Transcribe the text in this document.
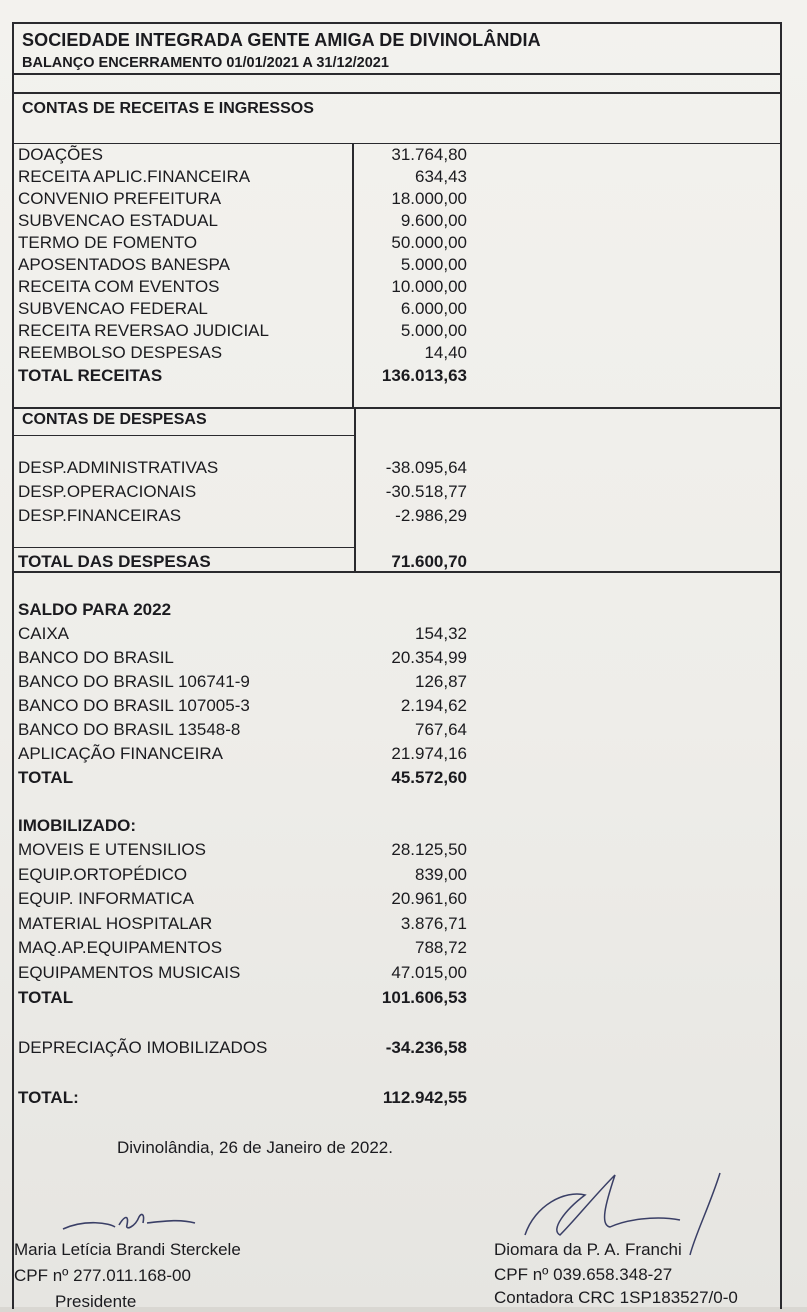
SOCIEDADE INTEGRADA GENTE AMIGA DE DIVINOLÂNDIA
BALANÇO ENCERRAMENTO 01/01/2021 A 31/12/2021
CONTAS DE RECEITAS E INGRESSOS
DOAÇÕES	31.764,80
RECEITA APLIC.FINANCEIRA	634,43
CONVENIO PREFEITURA	18.000,00
SUBVENCAO ESTADUAL	9.600,00
TERMO DE FOMENTO	50.000,00
APOSENTADOS BANESPA	5.000,00
RECEITA COM EVENTOS	10.000,00
SUBVENCAO FEDERAL	6.000,00
RECEITA REVERSAO JUDICIAL	5.000,00
REEMBOLSO DESPESAS	14,40
TOTAL RECEITAS	136.013,63
CONTAS DE DESPESAS
DESP.ADMINISTRATIVAS	-38.095,64
DESP.OPERACIONAIS	-30.518,77
DESP.FINANCEIRAS	-2.986,29
TOTAL DAS DESPESAS	71.600,70
SALDO PARA 2022
CAIXA	154,32
BANCO DO BRASIL	20.354,99
BANCO DO BRASIL 106741-9	126,87
BANCO DO BRASIL 107005-3	2.194,62
BANCO DO BRASIL 13548-8	767,64
APLICAÇÃO FINANCEIRA	21.974,16
TOTAL	45.572,60
IMOBILIZADO:
MOVEIS E UTENSILIOS	28.125,50
EQUIP.ORTOPÉDICO	839,00
EQUIP. INFORMATICA	20.961,60
MATERIAL HOSPITALAR	3.876,71
MAQ.AP.EQUIPAMENTOS	788,72
EQUIPAMENTOS MUSICAIS	47.015,00
TOTAL	101.606,53
DEPRECIAÇÃO IMOBILIZADOS	-34.236,58
TOTAL:	112.942,55
Divinolândia, 26 de Janeiro de 2022.
Maria Letícia Brandi Sterckele
CPF nº 277.011.168-00
Presidente
Diomara da P. A. Franchi
CPF nº 039.658.348-27
Contadora CRC 1SP183527/0-0
